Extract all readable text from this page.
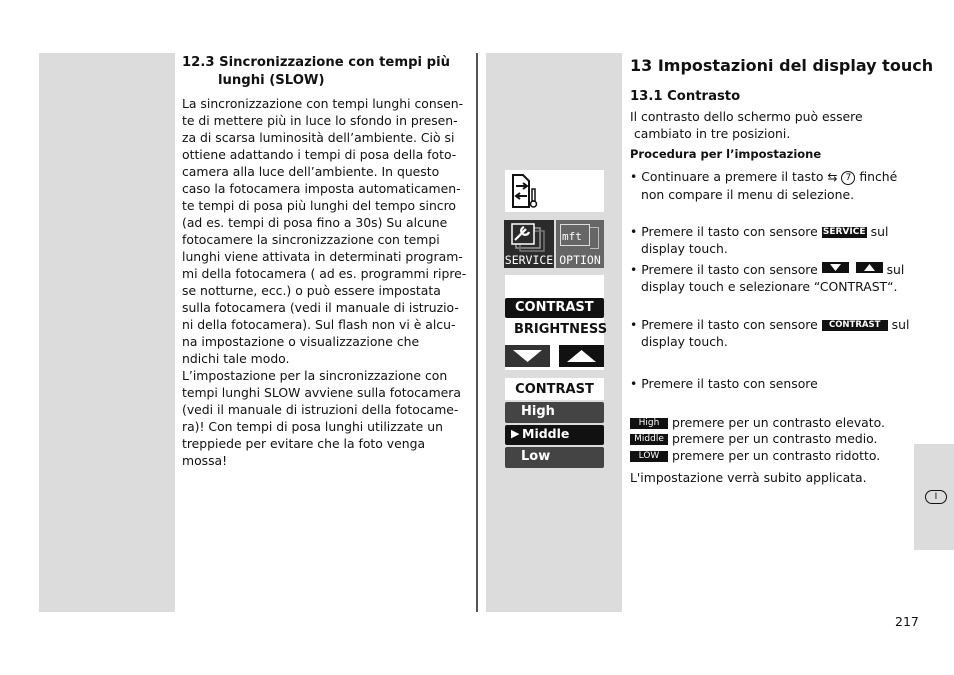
I
12.3 Sincronizzazione con tempi più
lunghi (SLOW)
La sincronizzazione con tempi lunghi consen-
te di mettere più in luce lo sfondo in presen-
za di scarsa luminosità dell’ambiente. Ciò si
ottiene adattando i tempi di posa della foto-
camera alla luce dell’ambiente. In questo
caso la fotocamera imposta automaticamen-
te tempi di posa più lunghi del tempo sincro
(ad es. tempi di posa fino a 30s) Su alcune
fotocamere la sincronizzazione con tempi
lunghi viene attivata in determinati program-
mi della fotocamera ( ad es. programmi ripre-
se notturne, ecc.) o può essere impostata
sulla fotocamera (vedi il manuale di istruzio-
ni della fotocamera). Sul flash non vi è alcu-
na impostazione o visualizzazione che
ndichi tale modo.
L’impostazione per la sincronizzazione con
tempi lunghi SLOW avviene sulla fotocamera
(vedi il manuale di istruzioni della fotocame-
ra)! Con tempi di posa lunghi utilizzate un
treppiede per evitare che la foto venga
mossa!
SERVICE
mft
OPTION
CONTRAST
BRIGHTNESS
CONTRAST
High
▶ Middle
Low
13 Impostazioni del display touch
13.1 Contrasto
Il contrasto dello schermo può essere
cambiato in tre posizioni.
Procedura per l’impostazione
• Continuare a premere il tasto ⇆ 7 finché
non compare il menu di selezione.
• Premere il tasto con sensore SERVICE sul
display touch.
• Premere il tasto con sensore
	sul
display touch e selezionare “CONTRAST“.
• Premere il tasto con sensore CONTRAST sul
display touch.
• Premere il tasto con sensore
High premere per un contrasto elevato.
Middle premere per un contrasto medio.
LOW premere per un contrasto ridotto.
L'impostazione verrà subito applicata.
217
